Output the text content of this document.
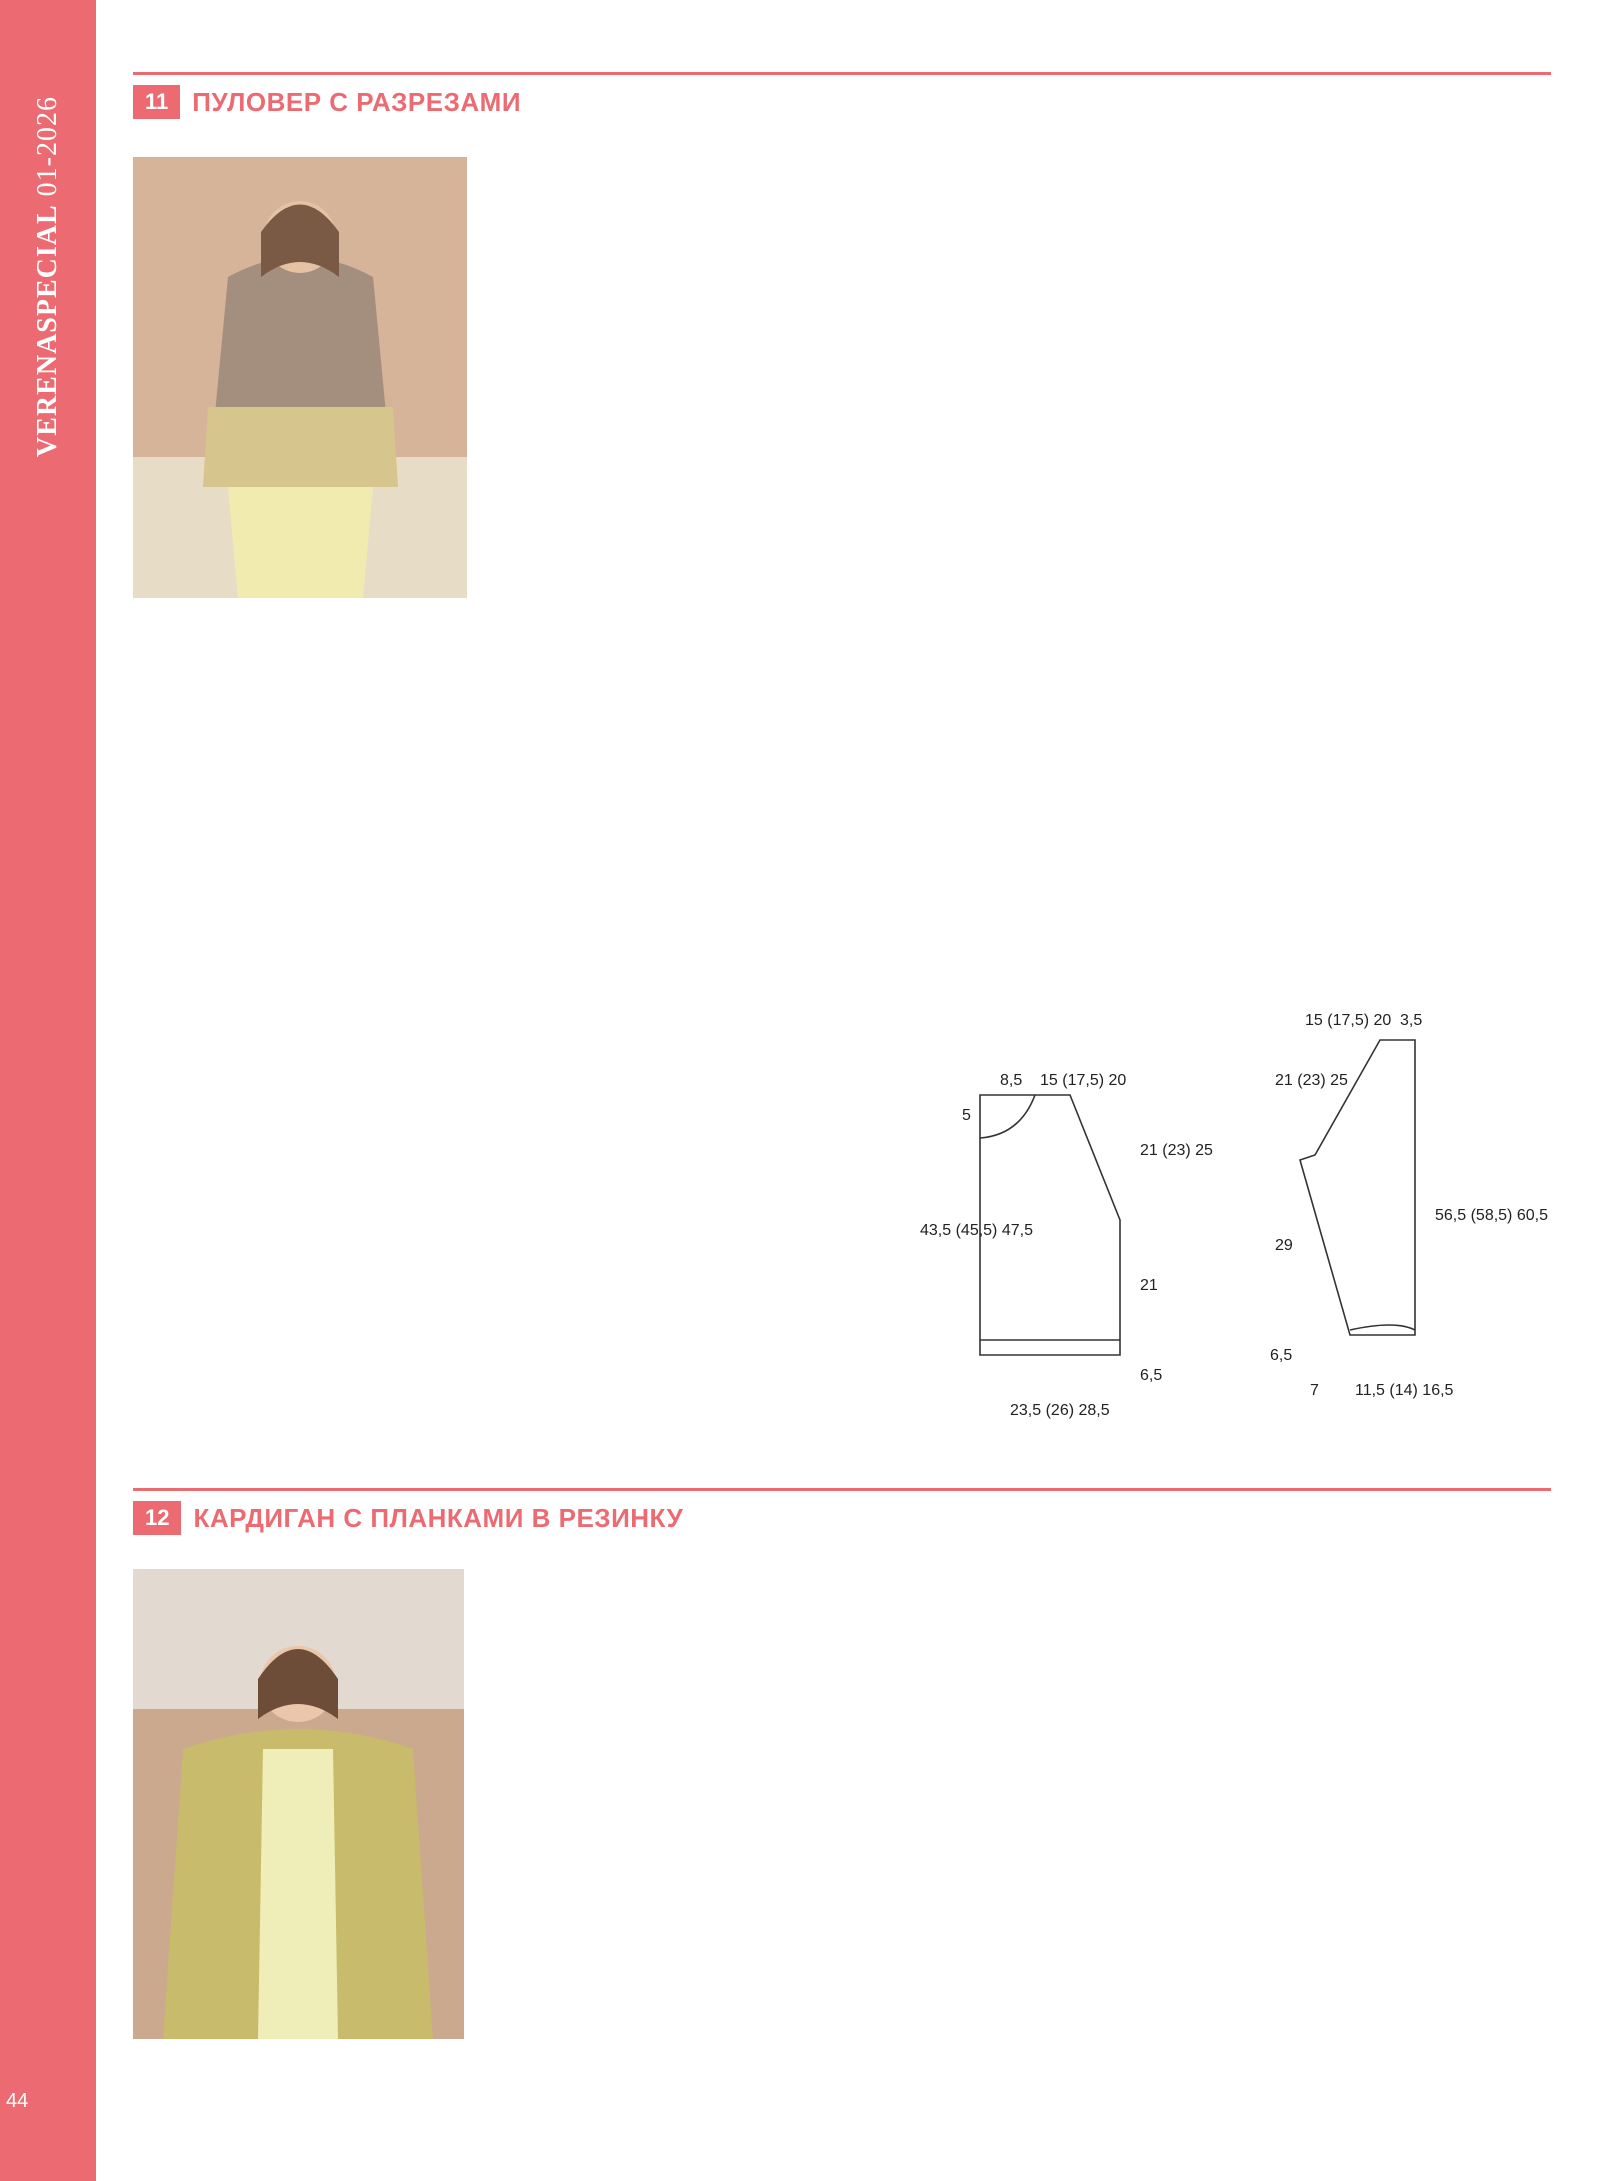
VERENASPECIAL 01-2026
44
11 ПУЛОВЕР С РАЗРЕЗАМИ
8,5 15 (17,5) 20
5
21 (23) 25
43,5 (45,5) 47,5
21
6,5
23,5 (26) 28,5
15 (17,5) 20 3,5
21 (23) 25
56,5 (58,5) 60,5
29
6,5
7 11,5 (14) 16,5
12 КАРДИГАН С ПЛАНКАМИ В РЕЗИНКУ
